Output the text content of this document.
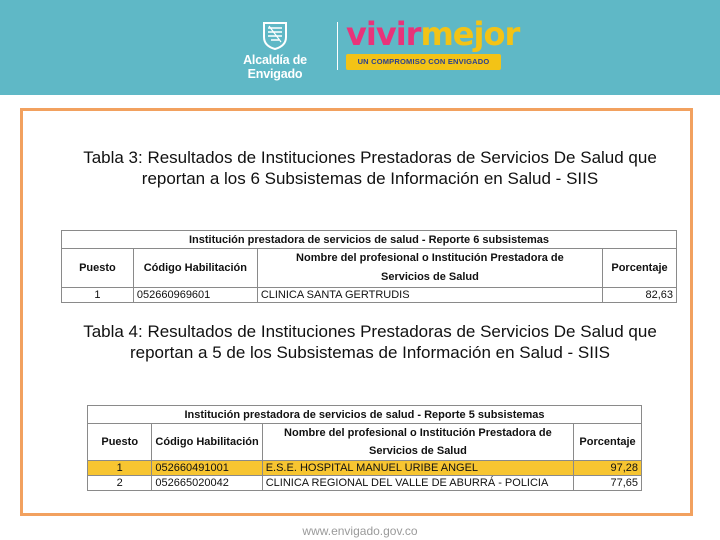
Alcaldía de Envigado
vivirmejor
UN COMPROMISO CON ENVIGADO
Tabla 3: Resultados de Instituciones Prestadoras de Servicios De Salud que reportan a los 6 Subsistemas de Información en Salud - SIIS
Institución prestadora de servicios de salud - Reporte 6 subsistemas			
Puesto	Código Habilitación	Nombre del profesional o Institución Prestadora de Servicios de Salud	Porcentaje
1	052660969601	CLINICA SANTA GERTRUDIS	82,63
Tabla 4: Resultados de Instituciones Prestadoras de Servicios De Salud que reportan a 5 de los Subsistemas de Información en Salud - SIIS
Institución prestadora de servicios de salud - Reporte 5 subsistemas			
Puesto	Código Habilitación	Nombre del profesional o Institución Prestadora de Servicios de Salud	Porcentaje
1	052660491001	E.S.E. HOSPITAL MANUEL URIBE ANGEL	97,28
2	052665020042	CLINICA REGIONAL DEL VALLE DE ABURRÁ - POLICIA	77,65
www.envigado.gov.co
